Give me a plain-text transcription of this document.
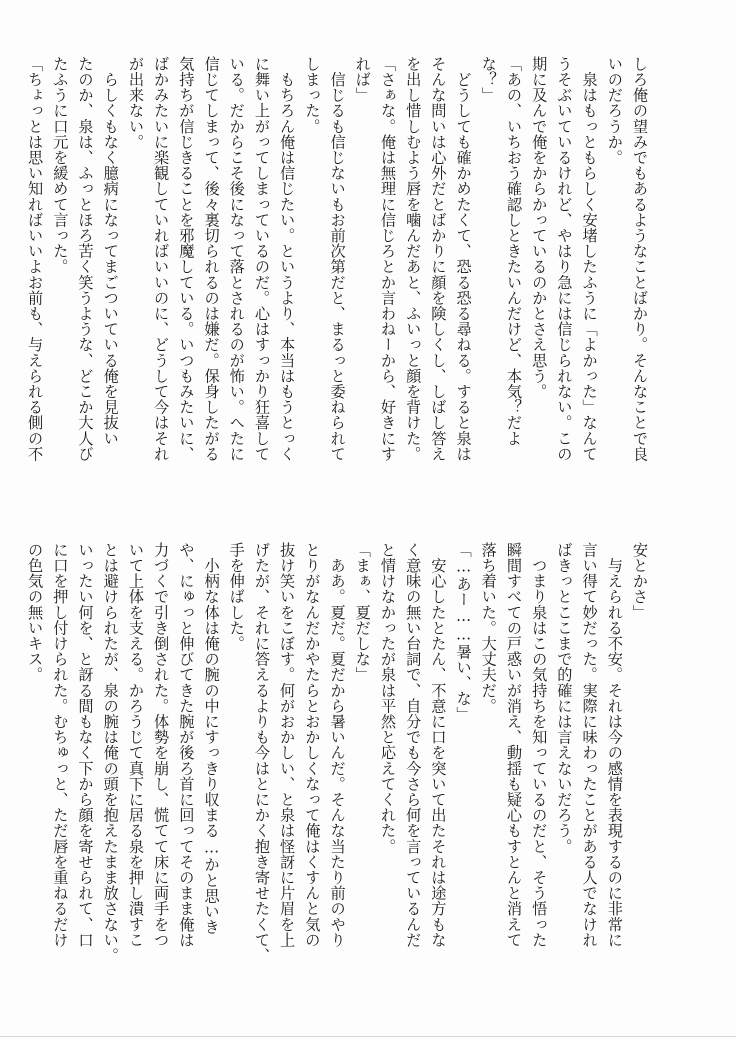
しろ俺の望みでもあるようなことばかり。そんなことで良

いのだろうか。

　泉はもっともらしく安堵したふうに「よかった」なんて

うそぶいているけれど、やはり急には信じられない。この

期に及んで俺をからかっているのかとさえ思う。

「あの、いちおう確認しときたいんだけど、本気？だよ

な？」

　どうしても確かめたくて、恐る恐る尋ねる。すると泉は

そんな問いは心外だとばかりに顔を険しくし、しばし答え

を出し惜しむよう唇を噛んだあと、ふいっと顔を背けた。

「さぁな。俺は無理に信じろとか言わねーから、好きにす

れば」

　信じるも信じないもお前次第だと、まるっと委ねられて

しまった。

　もちろん俺は信じたい。というより、本当はもうとっく

に舞い上がってしまっているのだ。心はすっかり狂喜して

いる。だからこそ後になって落とされるのが怖い。へたに

信じてしまって、後々裏切られるのは嫌だ。保身したがる

気持ちが信じきることを邪魔している。いつもみたいに、

ばかみたいに楽観していればいいのに、どうして今はそれ

が出来ない。

　らしくもなく臆病になってまごついている俺を見抜い

たのか、泉は、ふっとほろ苦く笑うような、どこか大人び

たふうに口元を緩めて言った。

「ちょっとは思い知ればいいよお前も、与えられる側の不

安とかさ」

　与えられる不安。それは今の感情を表現するのに非常に

言い得て妙だった。実際に味わったことがある人でなけれ

ばきっとここまで的確には言えないだろう。

　つまり泉はこの気持ちを知っているのだと、そう悟った

瞬間すべての戸惑いが消え、動揺も疑心もすとんと消えて

落ち着いた。大丈夫だ。

「…あー……暑い、な」

　安心したとたん、不意に口を突いて出たそれは途方もな

く意味の無い台詞で、自分でも今さら何を言っているんだ

と情けなかったが泉は平然と応えてくれた。

「まぁ、夏だしな」

　ああ。夏だ。夏だから暑いんだ。そんな当たり前のやり

とりがなんだかやたらとおかしくなって俺はくすんと気の

抜け笑いをこぼす。何がおかしい、と泉は怪訝に片眉を上

げたが、それに答えるよりも今はとにかく抱き寄せたくて、

手を伸ばした。

　小柄な体は俺の腕の中にすっきり収まる…かと思いき

や、にゅっと伸びてきた腕が後ろ首に回ってそのまま俺は

力づくで引き倒された。体勢を崩し、慌てて床に両手をつ

いて上体を支える。かろうじて真下に居る泉を押し潰すこ

とは避けられたが、泉の腕は俺の頭を抱えたまま放さない。

いったい何を、と訝る間もなく下から顔を寄せられて、口

に口を押し付けられた。むちゅっと、ただ唇を重ねるだけ

の色気の無いキス。
